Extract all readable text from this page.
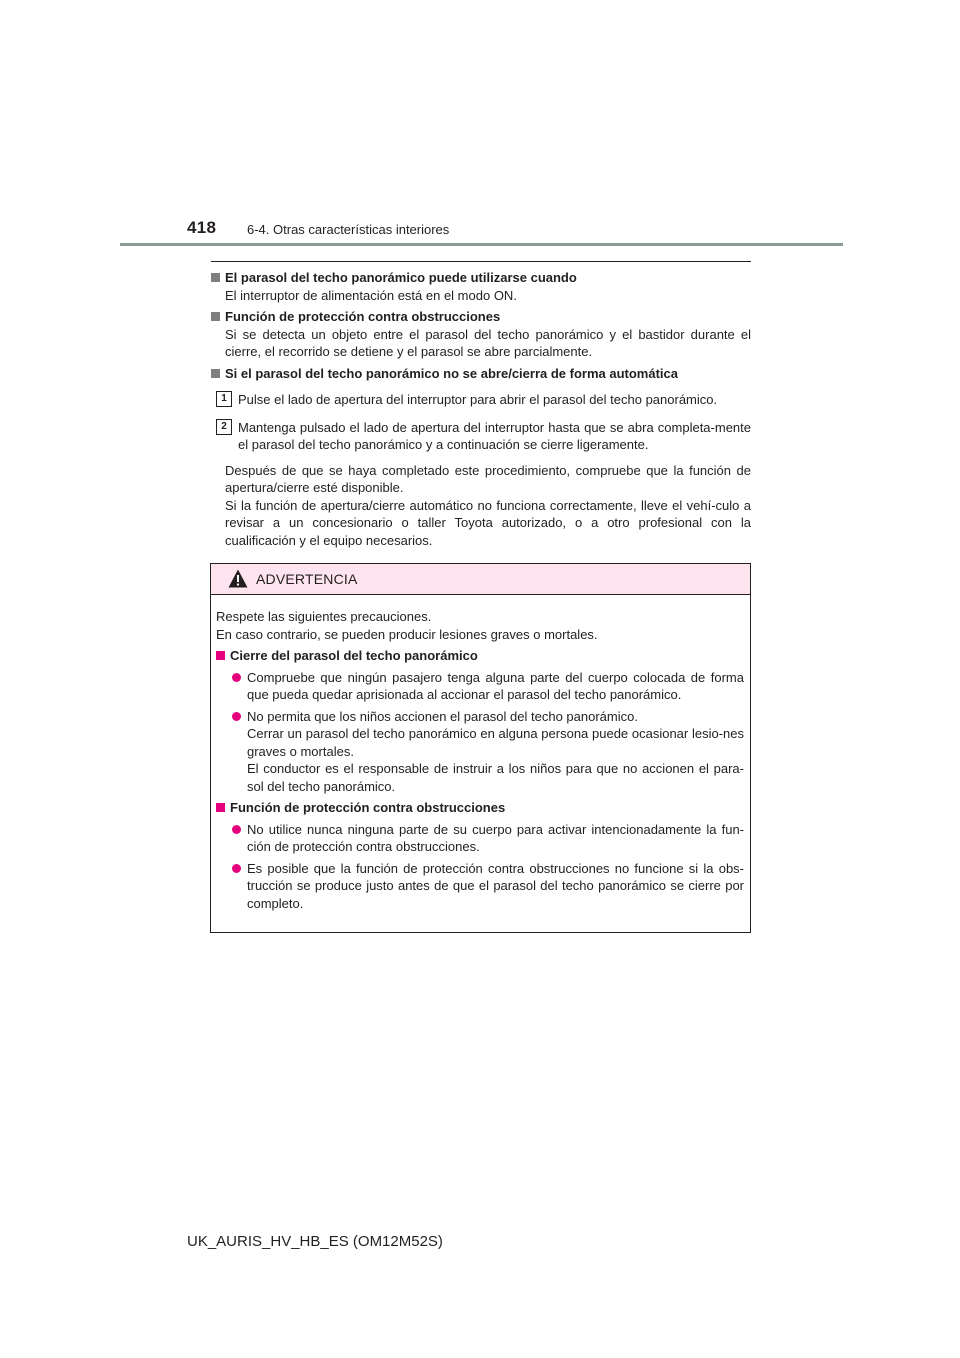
418 6-4. Otras características interiores
El parasol del techo panorámico puede utilizarse cuando
El interruptor de alimentación está en el modo ON.
Función de protección contra obstrucciones
Si se detecta un objeto entre el parasol del techo panorámico y el bastidor durante el cierre, el recorrido se detiene y el parasol se abre parcialmente.
Si el parasol del techo panorámico no se abre/cierra de forma automática
1 Pulse el lado de apertura del interruptor para abrir el parasol del techo panorámico.
2 Mantenga pulsado el lado de apertura del interruptor hasta que se abra completa-mente el parasol del techo panorámico y a continuación se cierre ligeramente.
Después de que se haya completado este procedimiento, compruebe que la función de apertura/cierre esté disponible.
Si la función de apertura/cierre automático no funciona correctamente, lleve el vehí-culo a revisar a un concesionario o taller Toyota autorizado, o a otro profesional con la cualificación y el equipo necesarios.
ADVERTENCIA
Respete las siguientes precauciones.
En caso contrario, se pueden producir lesiones graves o mortales.
Cierre del parasol del techo panorámico
Compruebe que ningún pasajero tenga alguna parte del cuerpo colocada de forma que pueda quedar aprisionada al accionar el parasol del techo panorámico.
No permita que los niños accionen el parasol del techo panorámico.
Cerrar un parasol del techo panorámico en alguna persona puede ocasionar lesio-nes graves o mortales.
El conductor es el responsable de instruir a los niños para que no accionen el para-sol del techo panorámico.
Función de protección contra obstrucciones
No utilice nunca ninguna parte de su cuerpo para activar intencionadamente la fun-ción de protección contra obstrucciones.
Es posible que la función de protección contra obstrucciones no funcione si la obs-trucción se produce justo antes de que el parasol del techo panorámico se cierre por completo.
UK_AURIS_HV_HB_ES (OM12M52S)
